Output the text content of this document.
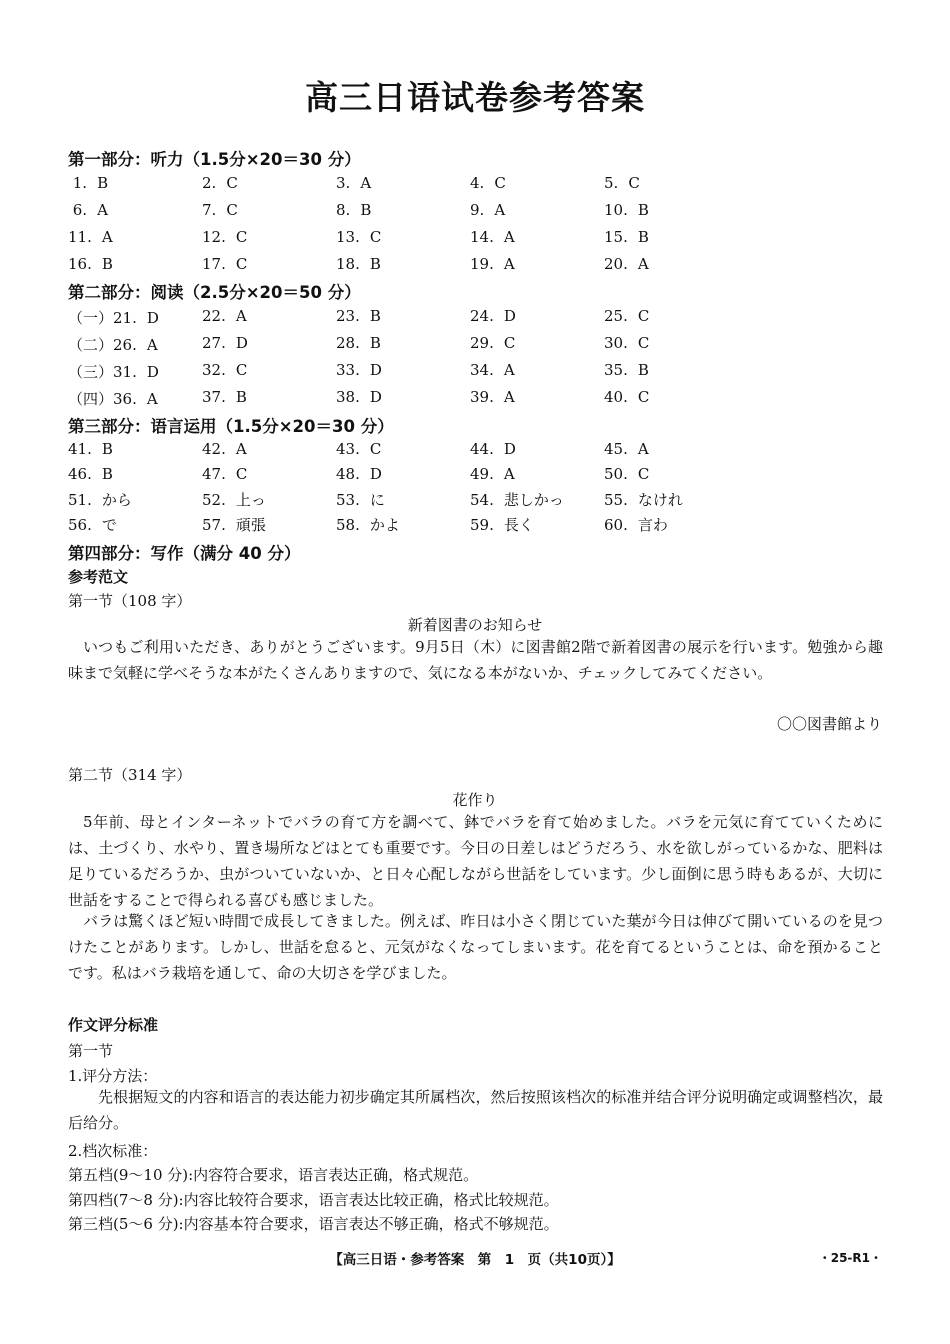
高三日语试卷参考答案
第一部分：听力（1.5分×20＝30 分）
1. B	2. C	3. A	4. C	5. C
6. A	7. C	8. B	9. A	10. B
11. A	12. C	13. C	14. A	15. B
16. B	17. C	18. B	19. A	20. A
第二部分：阅读（2.5分×20＝50 分）
（一）21. D	22. A	23. B	24. D	25. C
（二）26. A	27. D	28. B	29. C	30. C
（三）31. D	32. C	33. D	34. A	35. B
（四）36. A	37. B	38. D	39. A	40. C
第三部分：语言运用（1.5分×20＝30 分）
41. B	42. A	43. C	44. D	45. A
46. B	47. C	48. D	49. A	50. C
51. から	52. 上っ	53. に	54. 悲しかっ	55. なけれ
56. で	57. 頑張	58. かよ	59. 長く	60. 言わ
第四部分：写作（满分 40 分）
参考范文
第一节（108 字）
新着図書のお知らせ
いつもご利用いただき、ありがとうございます。9月5日（木）に図書館2階で新着図書の展示を行います。勉強から趣味まで気軽に学べそうな本がたくさんありますので、気になる本がないか、チェックしてみてください。
〇〇図書館より
第二节（314 字）
花作り
5年前、母とインターネットでバラの育て方を調べて、鉢でバラを育て始めました。バラを元気に育てていくためには、土づくり、水やり、置き場所などはとても重要です。今日の日差しはどうだろう、水を欲しがっているかな、肥料は足りているだろうか、虫がついていないか、と日々心配しながら世話をしています。少し面倒に思う時もあるが、大切に世話をすることで得られる喜びも感じました。
バラは驚くほど短い時間で成長してきました。例えば、昨日は小さく閉じていた葉が今日は伸びて開いているのを見つけたことがあります。しかし、世話を怠ると、元気がなくなってしまいます。花を育てるということは、命を預かることです。私はバラ栽培を通して、命の大切さを学びました。
作文评分标准
第一节
1.评分方法：
先根据短文的内容和语言的表达能力初步确定其所属档次，然后按照该档次的标准并结合评分说明确定或调整档次，最后给分。
2.档次标准：
第五档(9～10 分):内容符合要求，语言表达正确，格式规范。
第四档(7～8 分):内容比较符合要求，语言表达比较正确，格式比较规范。
第三档(5～6 分):内容基本符合要求，语言表达不够正确，格式不够规范。
【高三日语・参考答案　第　1　页（共10页）】	・25-R1・
